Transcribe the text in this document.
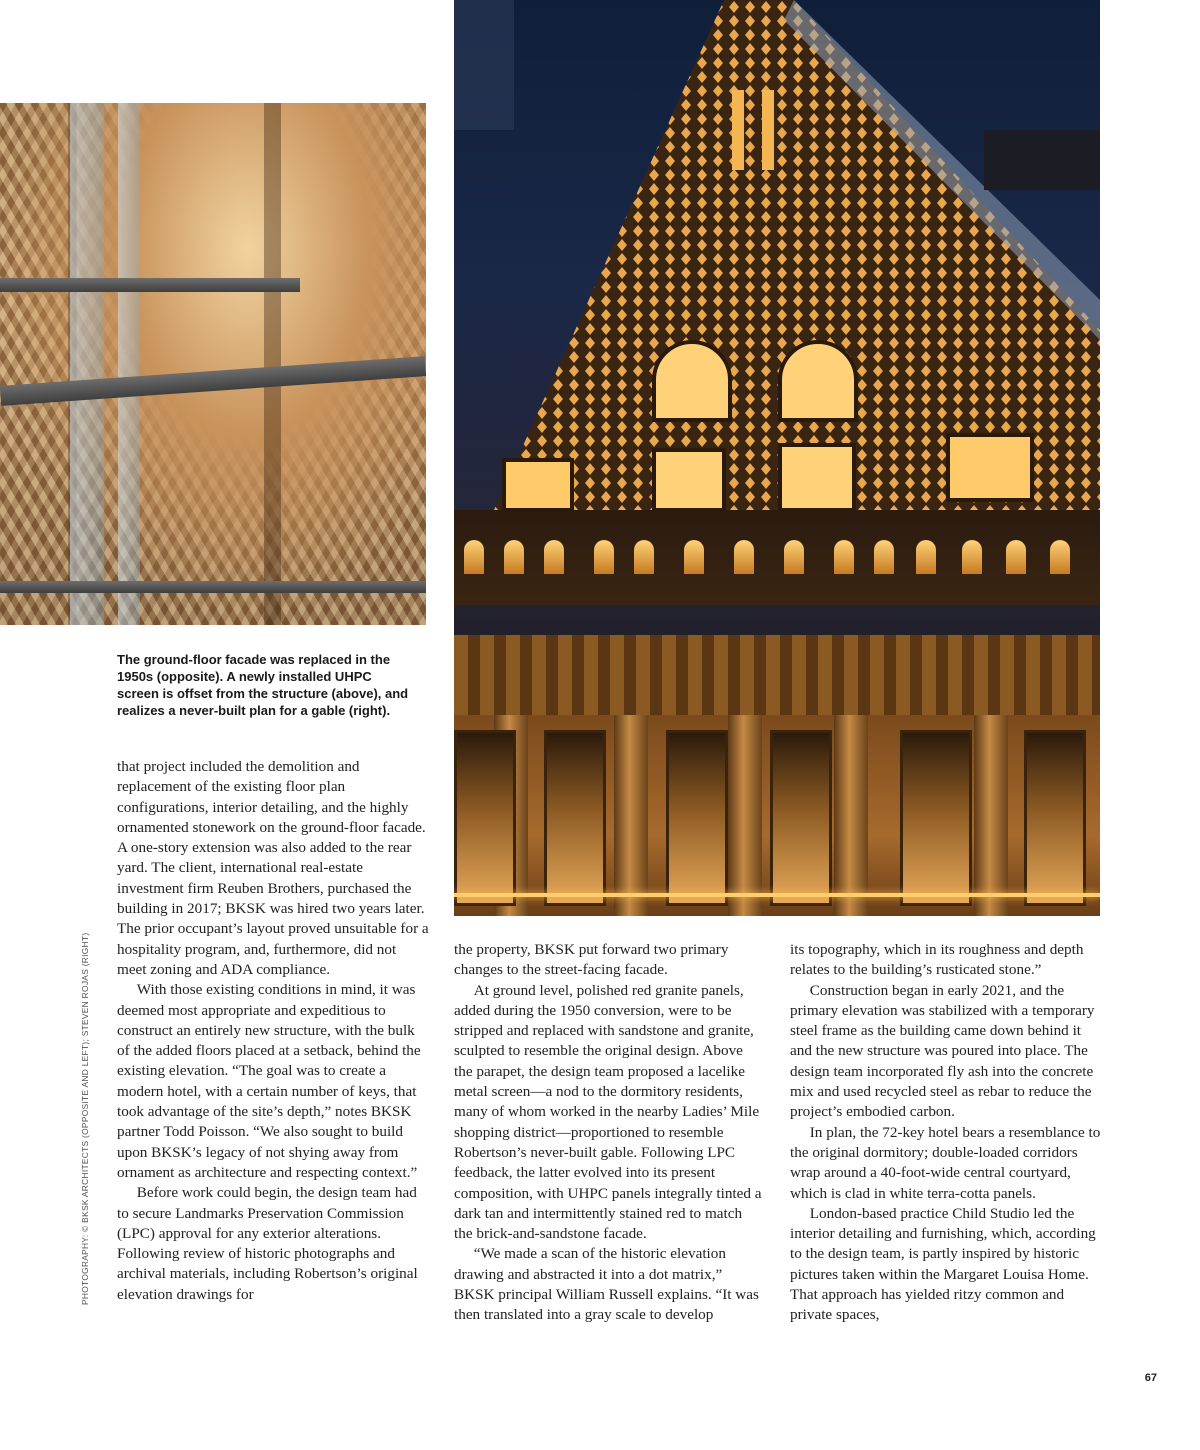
The ground-floor facade was replaced in the 1950s (opposite). A newly installed UHPC screen is offset from the structure (above), and realizes a never-built plan for a gable (right).

that project included the demolition and replacement of the existing floor plan configurations, interior detailing, and the highly ornamented stonework on the ground-floor facade. A one-story extension was also added to the rear yard. The client, international real-estate investment firm Reuben Brothers, purchased the building in 2017; BKSK was hired two years later. The prior occupant’s layout proved unsuitable for a hospitality program, and, furthermore, did not meet zoning and ADA compliance.

With those existing conditions in mind, it was deemed most appropriate and expeditious to construct an entirely new structure, with the bulk of the added floors placed at a setback, behind the existing elevation. “The goal was to create a modern hotel, with a certain number of keys, that took advantage of the site’s depth,” notes BKSK partner Todd Poisson. “We also sought to build upon BKSK’s legacy of not shying away from ornament as architecture and respecting context.”

Before work could begin, the design team had to secure Landmarks Preservation Commission (LPC) approval for any exterior alterations. Following review of historic photographs and archival materials, including Robertson’s original elevation drawings for

the property, BKSK put forward two primary changes to the street-facing facade.

At ground level, polished red granite panels, added during the 1950 conversion, were to be stripped and replaced with sandstone and granite, sculpted to resemble the original design. Above the parapet, the design team proposed a lacelike metal screen—a nod to the dormitory residents, many of whom worked in the nearby Ladies’ Mile shopping district—proportioned to resemble Robertson’s never-built gable. Following LPC feedback, the latter evolved into its present composition, with UHPC panels integrally tinted a dark tan and intermittently stained red to match the brick-and-sandstone facade.

“We made a scan of the historic elevation drawing and abstracted it into a dot matrix,” BKSK principal William Russell explains. “It was then translated into a gray scale to develop

its topography, which in its roughness and depth relates to the building’s rusticated stone.”

Construction began in early 2021, and the primary elevation was stabilized with a temporary steel frame as the building came down behind it and the new structure was poured into place. The design team incorporated fly ash into the concrete mix and used recycled steel as rebar to reduce the project’s embodied carbon.

In plan, the 72-key hotel bears a resemblance to the original dormitory; double-loaded corridors wrap around a 40-foot-wide central courtyard, which is clad in white terra-cotta panels.

London-based practice Child Studio led the interior detailing and furnishing, which, according to the design team, is partly inspired by historic pictures taken within the Margaret Louisa Home. That approach has yielded ritzy common and private spaces,

PHOTOGRAPHY: © BKSK ARCHITECTS (OPPOSITE AND LEFT); STEVEN ROJAS (RIGHT)
67
